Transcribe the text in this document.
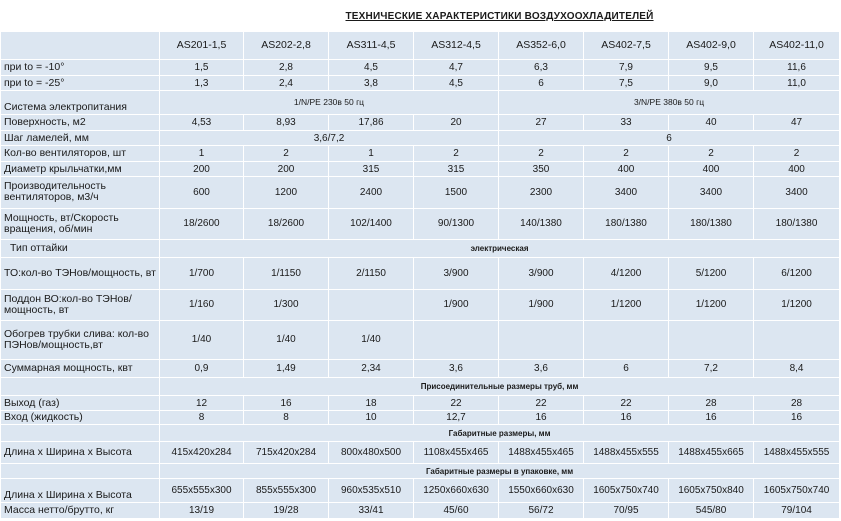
	ТЕХНИЧЕСКИЕ ХАРАКТЕРИСТИКИ ВОЗДУХООХЛАДИТЕЛЕЙ							
	AS201-1,5	AS202-2,8	AS311-4,5	AS312-4,5	AS352-6,0	AS402-7,5	AS402-9,0	AS402-11,0
при to = -10°	1,5	2,8	4,5	4,7	6,3	7,9	9,5	11,6
при to = -25°	1,3	2,4	3,8	4,5	6	7,5	9,0	11,0
Система электропитания	1/N/PE 230в 50 гц				3/N/PE 380в 50 гц			
Поверхность, м2	4,53	8,93	17,86	20	27	33	40	47
Шаг ламелей, мм	3,6/7,2				6			
Кол-во вентиляторов, шт	1	2	1	2	2	2	2	2
Диаметр крыльчатки,мм	200	200	315	315	350	400	400	400
Производительность вентиляторов, м3/ч	600	1200	2400	1500	2300	3400	3400	3400
Мощность, вт/Скорость вращения, об/мин	18/2600	18/2600	102/1400	90/1300	140/1380	180/1380	180/1380	180/1380
Тип оттайки	электрическая							
ТО:кол-во ТЭНов/мощность, вт	1/700	1/1150	2/1150	3/900	3/900	4/1200	5/1200	6/1200
Поддон ВО:кол-во ТЭНов/мощность, вт	1/160	1/300		1/900	1/900	1/1200	1/1200	1/1200
Обогрев трубки слива: кол-во ПЭНов/мощность,вт	1/40	1/40	1/40					
Суммарная мощность, квт	0,9	1,49	2,34	3,6	3,6	6	7,2	8,4
	Присоединительные размеры труб, мм							
Выход (газ)	12	16	18	22	22	22	28	28
Вход (жидкость)	8	8	10	12,7	16	16	16	16
	Габаритные размеры, мм							
Длина х Ширина х Высота	415x420x284	715x420x284	800x480x500	1108x455x465	1488x455x465	1488x455x555	1488x455x665	1488x455x555
	Габаритные размеры в упаковке, мм							
Длина х Ширина х Высота	655x555x300	855x555x300	960x535x510	1250x660x630	1550x660x630	1605x750x740	1605x750x840	1605x750x740
Масса нетто/брутто, кг	13/19	19/28	33/41	45/60	56/72	70/95	545/80	79/104
